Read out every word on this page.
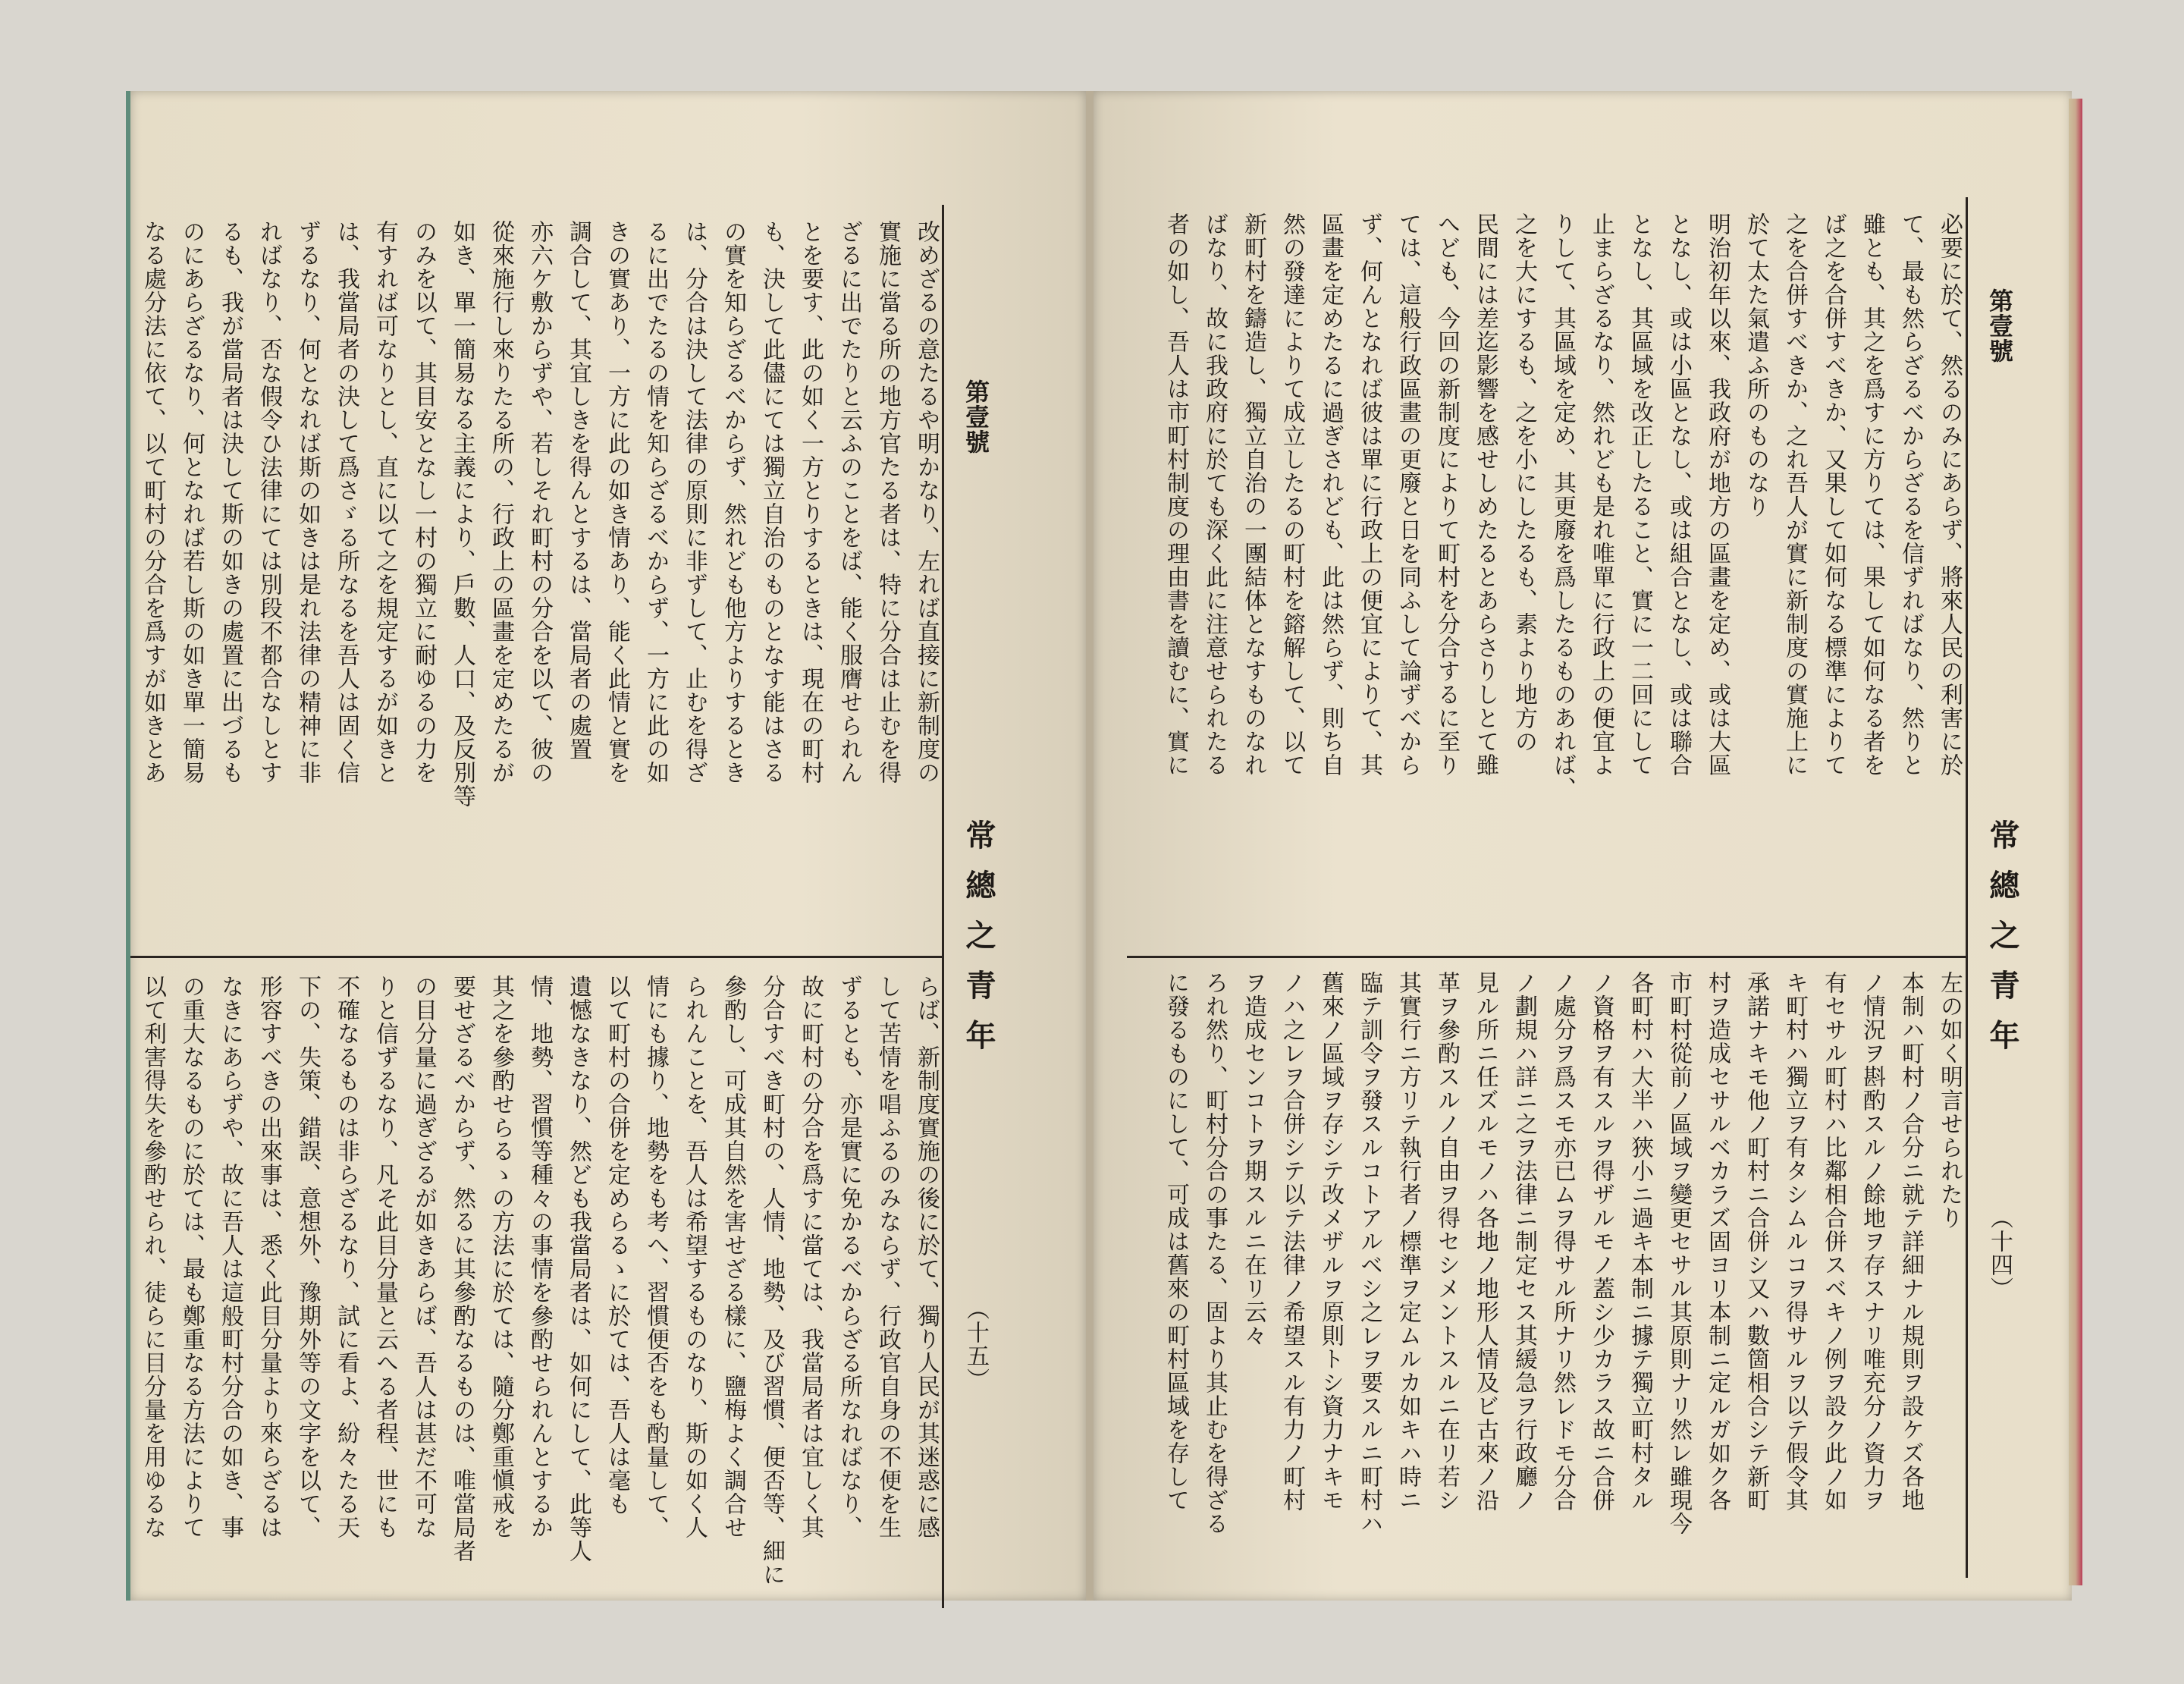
第壹號
常總之青年
（十五）
改めざるの意たるや明かなり、左れば直接に新制度の
實施に當る所の地方官たる者は、特に分合は止むを得
ざるに出でたりと云ふのことをば、能く服膺せられん
とを要す、此の如く一方とりするときは、現在の町村
も、決して此儘にては獨立自治のものとなす能はさる
の實を知らざるべからず、然れども他方よりするとき
は、分合は決して法律の原則に非ずして、止むを得ざ
るに出でたるの情を知らざるべからず、一方に此の如
きの實あり、一方に此の如き情あり、能く此情と實を
調合して、其宜しきを得んとするは、當局者の處置
亦六ケ敷からずや、若しそれ町村の分合を以て、彼の
從來施行し來りたる所の、行政上の區畫を定めたるが
如き、單一簡易なる主義により、戶數、人口、及反別等
のみを以て、其目安となし一村の獨立に耐ゆるの力を
有すれば可なりとし、直に以て之を規定するが如きと
は、我當局者の決して爲さゞる所なるを吾人は固く信
ずるなり、何となれば斯の如きは是れ法律の精神に非
ればなり、否な假令ひ法律にては別段不都合なしとす
るも、我が當局者は決して斯の如きの處置に出づるも
のにあらざるなり、何となれば若し斯の如き單一簡易
なる處分法に依て、以て町村の分合を爲すが如きとあ
らば、新制度實施の後に於て、獨り人民が其迷惑に感
して苦情を唱ふるのみならず、行政官自身の不便を生
ずるとも、亦是實に免かるべからざる所なればなり、
故に町村の分合を爲すに當ては、我當局者は宜しく其
分合すべき町村の、人情、地勢、及び習慣、便否等、細に
參酌し、可成其自然を害せざる樣に、鹽梅よく調合せ
られんことを、吾人は希望するものなり、斯の如く人
情にも據り、地勢をも考へ、習慣便否をも酌量して、
以て町村の合併を定めらるゝに於ては、吾人は毫も
遺憾なきなり、然ども我當局者は、如何にして、此等人
情、地勢、習慣等種々の事情を參酌せられんとするか
其之を參酌せらるゝの方法に於ては、隨分鄭重愼戒を
要せざるべからず、然るに其參酌なるものは、唯當局者
の目分量に過ぎざるが如きあらば、吾人は甚だ不可な
りと信ずるなり、凡そ此目分量と云へる者程、世にも
不確なるものは非らざるなり、試に看よ、紛々たる天
下の、失策、錯誤、意想外、豫期外等の文字を以て、
形容すべきの出來事は、悉く此目分量より來らざるは
なきにあらずや、故に吾人は這般町村分合の如き、事
の重大なるものに於ては、最も鄭重なる方法によりて
以て利害得失を參酌せられ、徒らに目分量を用ゆるな
第壹號
常總之青年
（十四）
必要に於て、然るのみにあらず、將來人民の利害に於
て、最も然らざるべからざるを信ずればなり、然りと
雖とも、其之を爲すに方りては、果して如何なる者を
ば之を合併すべきか、又果して如何なる標準によりて
之を合併すべきか、之れ吾人が實に新制度の實施上に
於て太た氣遣ふ所のものなり
明治初年以來、我政府が地方の區畫を定め、或は大區
となし、或は小區となし、或は組合となし、或は聯合
となし、其區域を改正したること、實に一二回にして
止まらざるなり、然れども是れ唯單に行政上の便宜よ
りして、其區域を定め、其更廢を爲したるものあれば、
之を大にするも、之を小にしたるも、素より地方の
民間には差迄影響を感せしめたるとあらさりしとて雖
へども、今回の新制度によりて町村を分合するに至り
ては、這般行政區畫の更廢と日を同ふして論ずべから
ず、何んとなれば彼は單に行政上の便宜によりて、其
區畫を定めたるに過ぎされども、此は然らず、則ち自
然の發達によりて成立したるの町村を鎔解して、以て
新町村を鑄造し、獨立自治の一團結体となすものなれ
ばなり、故に我政府に於ても深く此に注意せられたる
者の如し、吾人は市町村制度の理由書を讀むに、實に
左の如く明言せられたり
本制ハ町村ノ合分ニ就テ詳細ナル規則ヲ設ケズ各地
ノ情況ヲ斟酌スルノ餘地ヲ存スナリ唯充分ノ資力ヲ
有セサル町村ハ比鄰相合併スベキノ例ヲ設ク此ノ如
キ町村ハ獨立ヲ有タシムルコヲ得サルヲ以テ假令其
承諾ナキモ他ノ町村ニ合併シ又ハ數箇相合シテ新町
村ヲ造成セサルベカラズ固ヨリ本制ニ定ルガ如ク各
市町村從前ノ區域ヲ變更セサル其原則ナリ然レ雖現今
各町村ハ大半ハ狹小ニ過キ本制ニ據テ獨立町村タル
ノ資格ヲ有スルヲ得ザルモノ蓋シ少カラス故ニ合併
ノ處分ヲ爲スモ亦已ムヲ得サル所ナリ然レドモ分合
ノ劃規ハ詳ニ之ヲ法律ニ制定セス其緩急ヲ行政廳ノ
見ル所ニ任ズルモノハ各地ノ地形人情及ビ古來ノ沿
革ヲ參酌スルノ自由ヲ得セシメントスルニ在リ若シ
其實行ニ方リテ執行者ノ標準ヲ定ムルカ如キハ時ニ
臨テ訓令ヲ發スルコトアルベシ之レヲ要スルニ町村ハ
舊來ノ區域ヲ存シテ改メザルヲ原則トシ資力ナキモ
ノハ之レヲ合併シテ以テ法律ノ希望スル有力ノ町村
ヲ造成センコトヲ期スルニ在リ云々
ろれ然り、町村分合の事たる、固より其止むを得ざる
に發るものにして、可成は舊來の町村區域を存して
